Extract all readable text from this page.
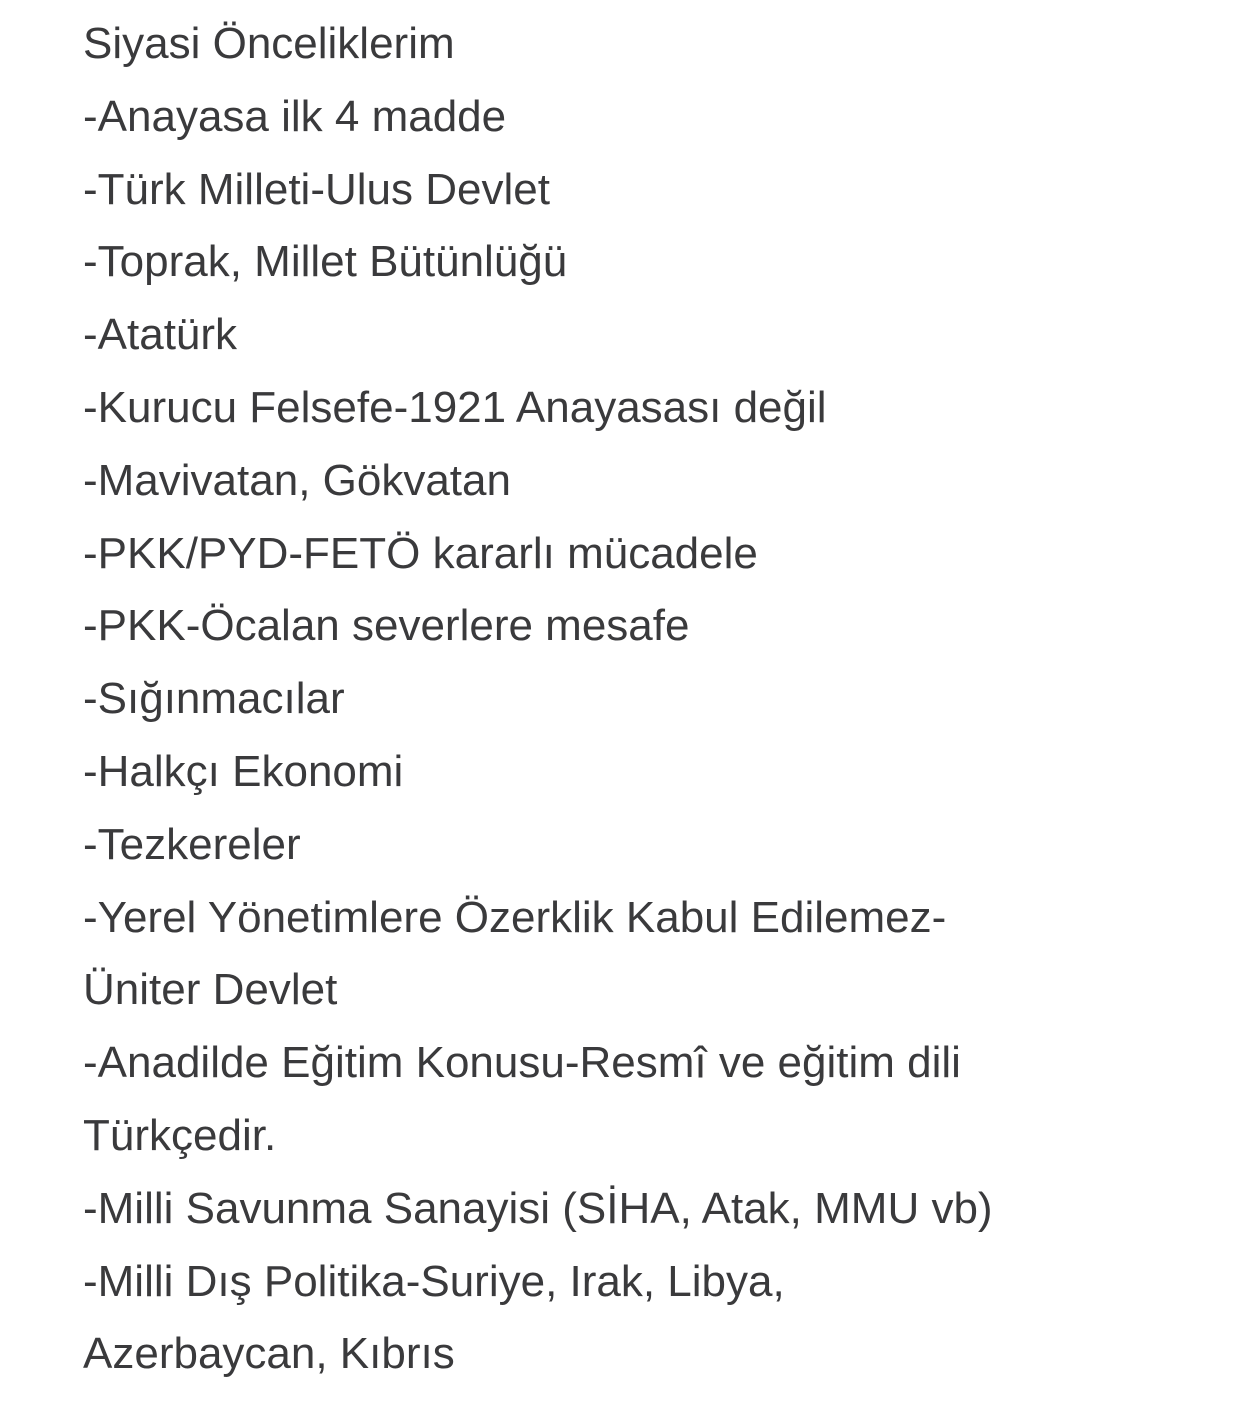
Siyasi Önceliklerim
-Anayasa ilk 4 madde
-Türk Milleti-Ulus Devlet
-Toprak, Millet Bütünlüğü
-Atatürk
-Kurucu Felsefe-1921 Anayasası değil
-Mavivatan, Gökvatan
-PKK/PYD-FETÖ kararlı mücadele
-PKK-Öcalan severlere mesafe
-Sığınmacılar
-Halkçı Ekonomi
-Tezkereler
-Yerel Yönetimlere Özerklik Kabul Edilemez-
Üniter Devlet
-Anadilde Eğitim Konusu-Resmî ve eğitim dili
Türkçedir.
-Milli Savunma Sanayisi (SİHA, Atak, MMU vb)
-Milli Dış Politika-Suriye, Irak, Libya,
Azerbaycan, Kıbrıs
